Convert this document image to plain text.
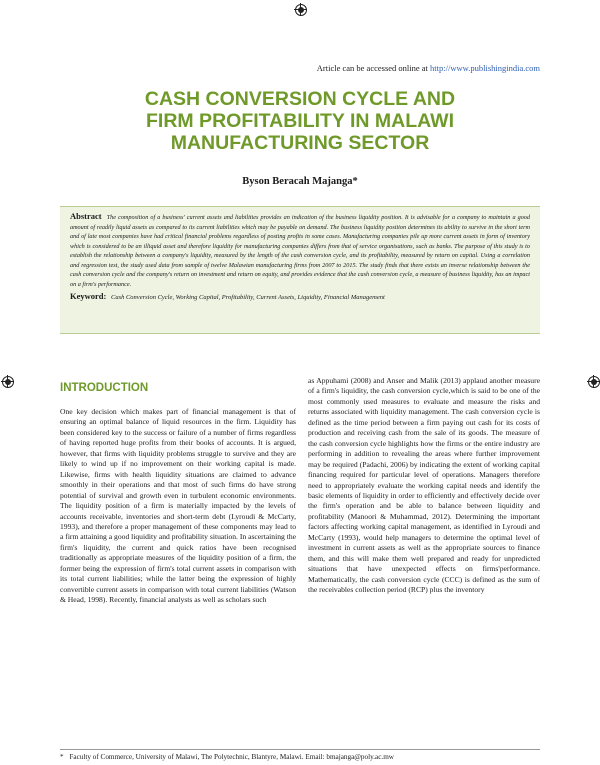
Article can be accessed online at http://www.publishingindia.com
CASH CONVERSION CYCLE AND
FIRM PROFITABILITY IN MALAWI
MANUFACTURING SECTOR
Byson Beracah Majanga*
Abstract The composition of a business' current assets and liabilities provides an indication of the business liquidity position. It is advisable for a company to maintain a good amount of readily liquid assets as compared to its current liabilities which may be payable on demand. The business liquidity position determines its ability to survive in the short term and of late most companies have had critical financial problems regardless of posting profits in some cases. Manufacturing companies pile up more current assets in form of inventory which is considered to be an illiquid asset and therefore liquidity for manufacturing companies differs from that of service organisations, such as banks. The purpose of this study is to establish the relationship between a company's liquidity, measured by the length of the cash conversion cycle, and its profitability, measured by return on capital. Using a correlation and regression test, the study used data from sample of twelve Malawian manufacturing firms from 2007 to 2015. The study finds that there exists an inverse relationship between the cash conversion cycle and the company's return on investment and return on equity, and provides evidence that the cash conversion cycle, a measure of business liquidity, has an impact on a firm's performance.
Keyword: Cash Conversion Cycle, Working Capital, Profitability, Current Assets, Liquidity, Financial Management
INTRODUCTION
One key decision which makes part of financial management is that of ensuring an optimal balance of liquid resources in the firm. Liquidity has been considered key to the success or failure of a number of firms regardless of having reported huge profits from their books of accounts. It is argued, however, that firms with liquidity problems struggle to survive and they are likely to wind up if no improvement on their working capital is made. Likewise, firms with health liquidity situations are claimed to advance smoothly in their operations and that most of such firms do have strong potential of survival and growth even in turbulent economic environments. The liquidity position of a firm is materially impacted by the levels of accounts receivable, inventories and short-term debt (Lyroudi & McCarty, 1993), and therefore a proper management of these components may lead to a firm attaining a good liquidity and profitability situation. In ascertaining the firm's liquidity, the current and quick ratios have been recognised traditionally as appropriate measures of the liquidity position of a firm, the former being the expression of firm's total current assets in comparison with its total current liabilities; while the latter being the expression of highly convertible current assets in comparison with total current liabilities (Watson & Head, 1998). Recently, financial analysts as well as scholars such
as Appuhami (2008) and Anser and Malik (2013) applaud another measure of a firm's liquidity, the cash conversion cycle,which is said to be one of the most commonly used measures to evaluate and measure the risks and returns associated with liquidity management. The cash conversion cycle is defined as the time period between a firm paying out cash for its costs of production and receiving cash from the sale of its goods. The measure of the cash conversion cycle highlights how the firms or the entire industry are performing in addition to revealing the areas where further improvement may be required (Padachi, 2006) by indicating the extent of working capital financing required for particular level of operations. Managers therefore need to appropriately evaluate the working capital needs and identify the basic elements of liquidity in order to efficiently and effectively decide over the firm's operation and be able to balance between liquidity and profitability (Manoori & Muhammad, 2012). Determining the important factors affecting working capital management, as identified in Lyroudi and McCarty (1993), would help managers to determine the optimal level of investment in current assets as well as the appropriate sources to finance them, and this will make them well prepared and ready for unpredicted situations that have unexpected effects on firms'performance. Mathematically, the cash conversion cycle (CCC) is defined as the sum of the receivables collection period (RCP) plus the inventory
* Faculty of Commerce, University of Malawi, The Polytechnic, Blantyre, Malawi. Email: bmajanga@poly.ac.mw
